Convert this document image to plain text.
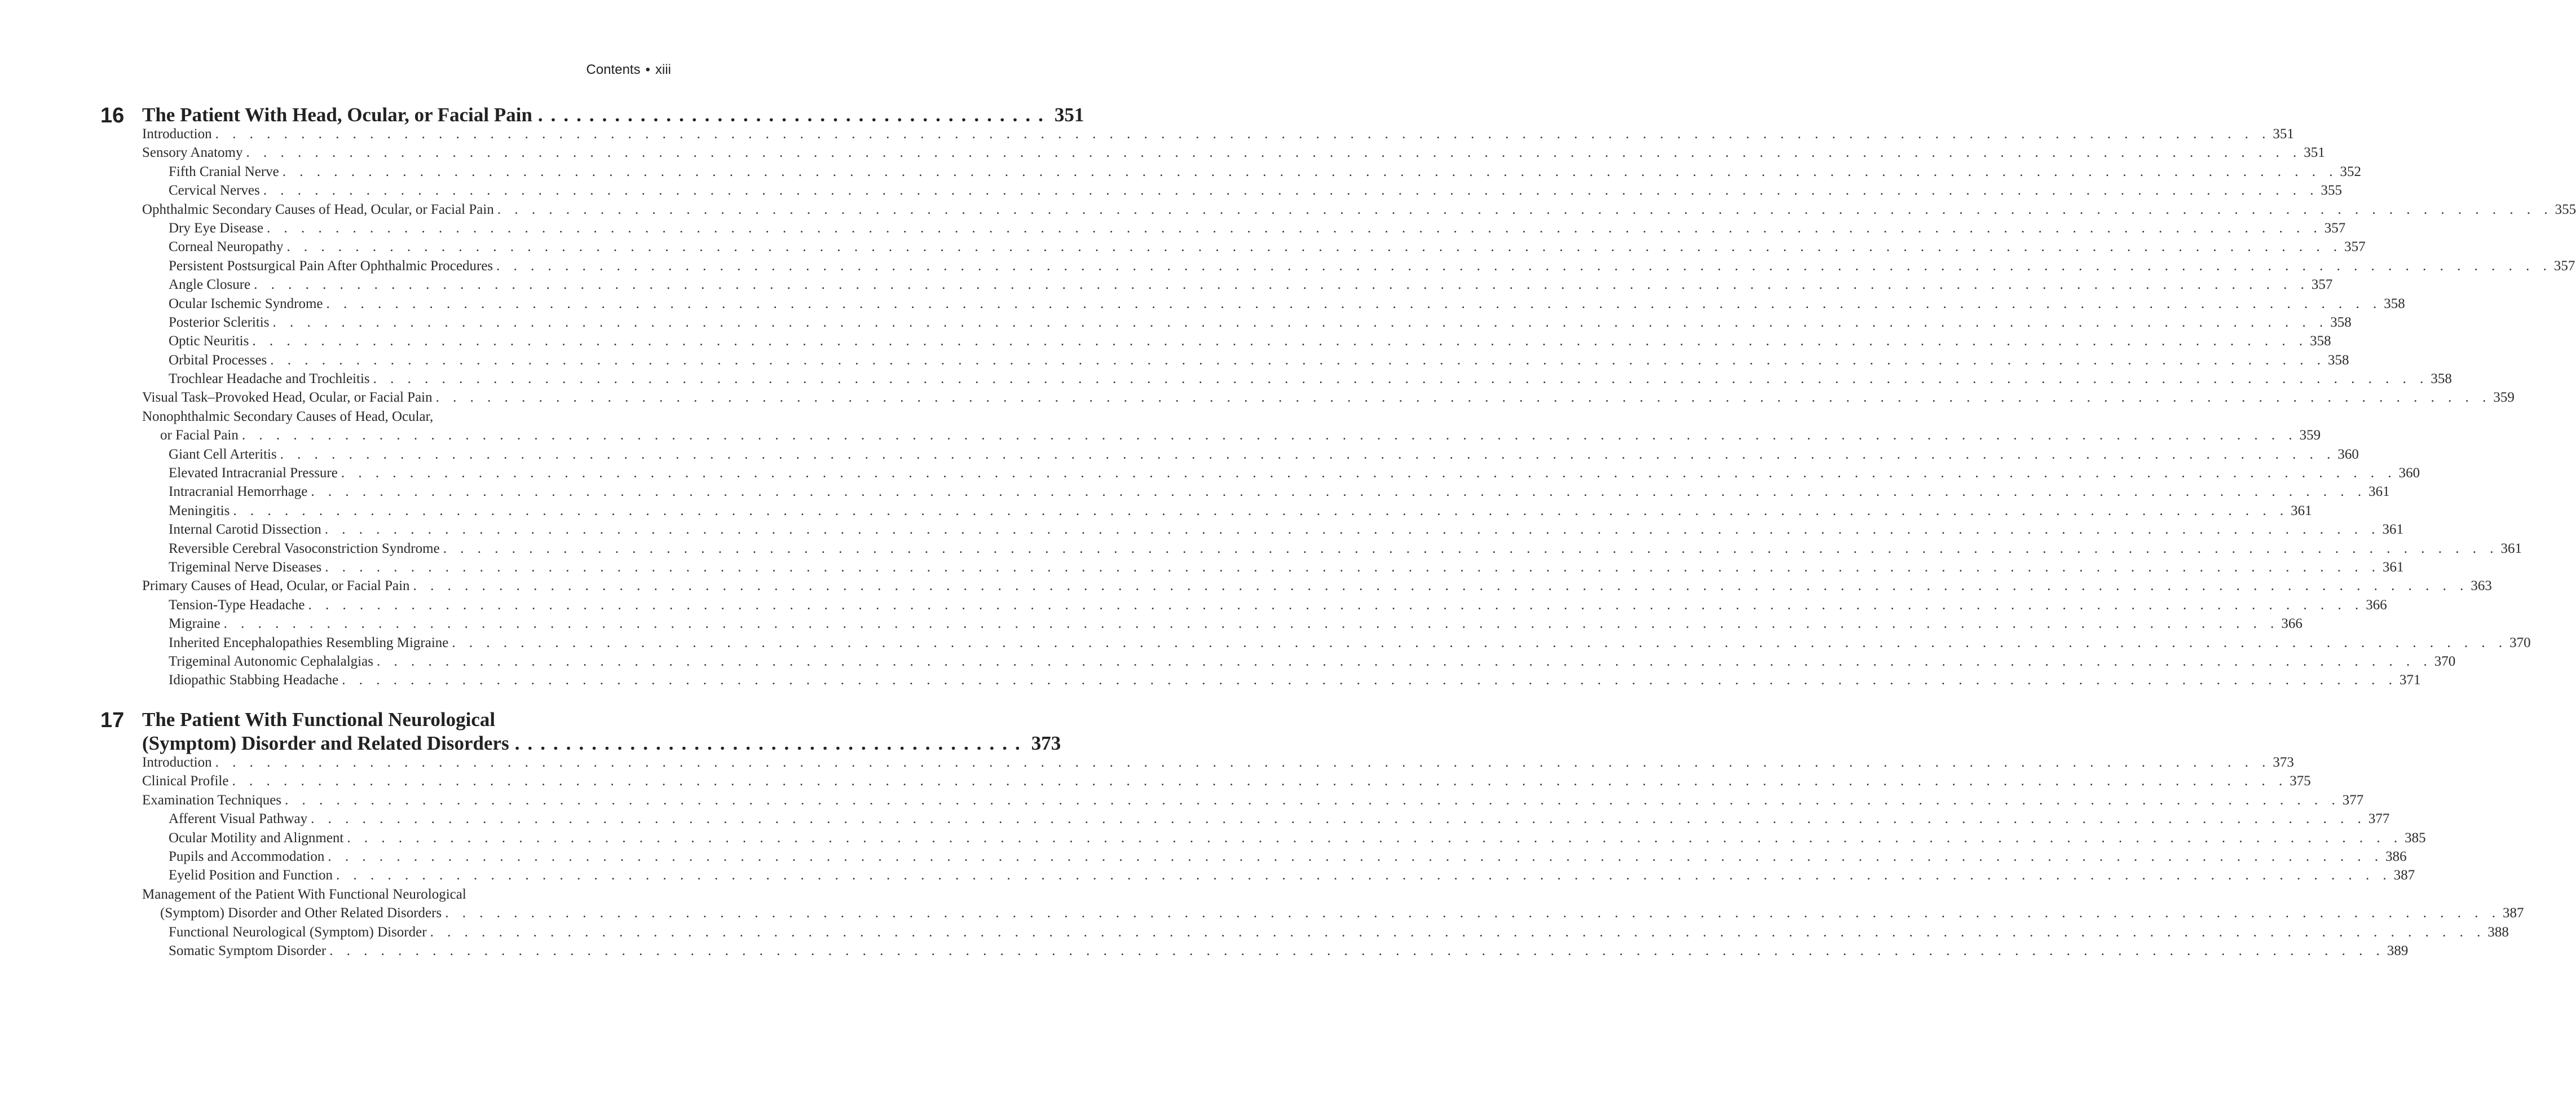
Contents • xiii
16 The Patient With Head, Ocular, or Facial Pain ........................................ 351
Introduction . . . . . . . . . . . . . . . . . . . . . . . . . . . . . . . . . . . . . . . . . . . . . . . . . . . . . . . . . . . . . . . . . . . . . . . . . . . . . . . . . . . . . . . . . . . . . . . . . . . . . . . . . . . . . . . . . . . . . . . . 351
Sensory Anatomy . . . . . . . . . . . . . . . . . . . . . . . . . . . . . . . . . . . . . . . . . . . . . . . . . . . . . . . . . . . . . . . . . . . . . . . . . . . . . . . . . . . . . . . . . . . . . . . . . . . . . . . . . . . . . . . . . . . . . . . . 351
Fifth Cranial Nerve . . . . . . . . . . . . . . . . . . . . . . . . . . . . . . . . . . . . . . . . . . . . . . . . . . . . . . . . . . . . . . . . . . . . . . . . . . . . . . . . . . . . . . . . . . . . . . . . . . . . . . . . . . . . . . . . . . . . . . . . 352
Cervical Nerves . . . . . . . . . . . . . . . . . . . . . . . . . . . . . . . . . . . . . . . . . . . . . . . . . . . . . . . . . . . . . . . . . . . . . . . . . . . . . . . . . . . . . . . . . . . . . . . . . . . . . . . . . . . . . . . . . . . . . . . . 355
Ophthalmic Secondary Causes of Head, Ocular, or Facial Pain . . . . . . . . . . . . . . . . . . . . . . . . . . . . . . . . . . . . . . . . . . . . . . . . . . . . . . . . . . . . . . . . . . . . . . . . . . . . . . . . . . . . . . . . . . . . . . . . . . . . . . . . . . . . . . . . . . . . . . . . 355
Dry Eye Disease . . . . . . . . . . . . . . . . . . . . . . . . . . . . . . . . . . . . . . . . . . . . . . . . . . . . . . . . . . . . . . . . . . . . . . . . . . . . . . . . . . . . . . . . . . . . . . . . . . . . . . . . . . . . . . . . . . . . . . . . 357
Corneal Neuropathy . . . . . . . . . . . . . . . . . . . . . . . . . . . . . . . . . . . . . . . . . . . . . . . . . . . . . . . . . . . . . . . . . . . . . . . . . . . . . . . . . . . . . . . . . . . . . . . . . . . . . . . . . . . . . . . . . . . . . . . . 357
Persistent Postsurgical Pain After Ophthalmic Procedures . . . . . . . . . . . . . . . . . . . . . . . . . . . . . . . . . . . . . . . . . . . . . . . . . . . . . . . . . . . . . . . . . . . . . . . . . . . . . . . . . . . . . . . . . . . . . . . . . . . . . . . . . . . . . . . . . . . . . . . . 357
Angle Closure . . . . . . . . . . . . . . . . . . . . . . . . . . . . . . . . . . . . . . . . . . . . . . . . . . . . . . . . . . . . . . . . . . . . . . . . . . . . . . . . . . . . . . . . . . . . . . . . . . . . . . . . . . . . . . . . . . . . . . . . 357
Ocular Ischemic Syndrome . . . . . . . . . . . . . . . . . . . . . . . . . . . . . . . . . . . . . . . . . . . . . . . . . . . . . . . . . . . . . . . . . . . . . . . . . . . . . . . . . . . . . . . . . . . . . . . . . . . . . . . . . . . . . . . . . . . . . . . . 358
Posterior Scleritis . . . . . . . . . . . . . . . . . . . . . . . . . . . . . . . . . . . . . . . . . . . . . . . . . . . . . . . . . . . . . . . . . . . . . . . . . . . . . . . . . . . . . . . . . . . . . . . . . . . . . . . . . . . . . . . . . . . . . . . . 358
Optic Neuritis . . . . . . . . . . . . . . . . . . . . . . . . . . . . . . . . . . . . . . . . . . . . . . . . . . . . . . . . . . . . . . . . . . . . . . . . . . . . . . . . . . . . . . . . . . . . . . . . . . . . . . . . . . . . . . . . . . . . . . . . 358
Orbital Processes . . . . . . . . . . . . . . . . . . . . . . . . . . . . . . . . . . . . . . . . . . . . . . . . . . . . . . . . . . . . . . . . . . . . . . . . . . . . . . . . . . . . . . . . . . . . . . . . . . . . . . . . . . . . . . . . . . . . . . . . 358
Trochlear Headache and Trochleitis . . . . . . . . . . . . . . . . . . . . . . . . . . . . . . . . . . . . . . . . . . . . . . . . . . . . . . . . . . . . . . . . . . . . . . . . . . . . . . . . . . . . . . . . . . . . . . . . . . . . . . . . . . . . . . . . . . . . . . . . 358
Visual Task–Provoked Head, Ocular, or Facial Pain . . . . . . . . . . . . . . . . . . . . . . . . . . . . . . . . . . . . . . . . . . . . . . . . . . . . . . . . . . . . . . . . . . . . . . . . . . . . . . . . . . . . . . . . . . . . . . . . . . . . . . . . . . . . . . . . . . . . . . . . 359
Nonophthalmic Secondary Causes of Head, Ocular,
or Facial Pain . . . . . . . . . . . . . . . . . . . . . . . . . . . . . . . . . . . . . . . . . . . . . . . . . . . . . . . . . . . . . . . . . . . . . . . . . . . . . . . . . . . . . . . . . . . . . . . . . . . . . . . . . . . . . . . . . . . . . . . . 359
Giant Cell Arteritis . . . . . . . . . . . . . . . . . . . . . . . . . . . . . . . . . . . . . . . . . . . . . . . . . . . . . . . . . . . . . . . . . . . . . . . . . . . . . . . . . . . . . . . . . . . . . . . . . . . . . . . . . . . . . . . . . . . . . . . . 360
Elevated Intracranial Pressure . . . . . . . . . . . . . . . . . . . . . . . . . . . . . . . . . . . . . . . . . . . . . . . . . . . . . . . . . . . . . . . . . . . . . . . . . . . . . . . . . . . . . . . . . . . . . . . . . . . . . . . . . . . . . . . . . . . . . . . . 360
Intracranial Hemorrhage . . . . . . . . . . . . . . . . . . . . . . . . . . . . . . . . . . . . . . . . . . . . . . . . . . . . . . . . . . . . . . . . . . . . . . . . . . . . . . . . . . . . . . . . . . . . . . . . . . . . . . . . . . . . . . . . . . . . . . . . 361
Meningitis . . . . . . . . . . . . . . . . . . . . . . . . . . . . . . . . . . . . . . . . . . . . . . . . . . . . . . . . . . . . . . . . . . . . . . . . . . . . . . . . . . . . . . . . . . . . . . . . . . . . . . . . . . . . . . . . . . . . . . . . 361
Internal Carotid Dissection . . . . . . . . . . . . . . . . . . . . . . . . . . . . . . . . . . . . . . . . . . . . . . . . . . . . . . . . . . . . . . . . . . . . . . . . . . . . . . . . . . . . . . . . . . . . . . . . . . . . . . . . . . . . . . . . . . . . . . . . 361
Reversible Cerebral Vasoconstriction Syndrome . . . . . . . . . . . . . . . . . . . . . . . . . . . . . . . . . . . . . . . . . . . . . . . . . . . . . . . . . . . . . . . . . . . . . . . . . . . . . . . . . . . . . . . . . . . . . . . . . . . . . . . . . . . . . . . . . . . . . . . . 361
Trigeminal Nerve Diseases . . . . . . . . . . . . . . . . . . . . . . . . . . . . . . . . . . . . . . . . . . . . . . . . . . . . . . . . . . . . . . . . . . . . . . . . . . . . . . . . . . . . . . . . . . . . . . . . . . . . . . . . . . . . . . . . . . . . . . . . 361
Primary Causes of Head, Ocular, or Facial Pain . . . . . . . . . . . . . . . . . . . . . . . . . . . . . . . . . . . . . . . . . . . . . . . . . . . . . . . . . . . . . . . . . . . . . . . . . . . . . . . . . . . . . . . . . . . . . . . . . . . . . . . . . . . . . . . . . . . . . . . . 363
Tension-Type Headache . . . . . . . . . . . . . . . . . . . . . . . . . . . . . . . . . . . . . . . . . . . . . . . . . . . . . . . . . . . . . . . . . . . . . . . . . . . . . . . . . . . . . . . . . . . . . . . . . . . . . . . . . . . . . . . . . . . . . . . . 366
Migraine . . . . . . . . . . . . . . . . . . . . . . . . . . . . . . . . . . . . . . . . . . . . . . . . . . . . . . . . . . . . . . . . . . . . . . . . . . . . . . . . . . . . . . . . . . . . . . . . . . . . . . . . . . . . . . . . . . . . . . . . 366
Inherited Encephalopathies Resembling Migraine . . . . . . . . . . . . . . . . . . . . . . . . . . . . . . . . . . . . . . . . . . . . . . . . . . . . . . . . . . . . . . . . . . . . . . . . . . . . . . . . . . . . . . . . . . . . . . . . . . . . . . . . . . . . . . . . . . . . . . . . 370
Trigeminal Autonomic Cephalalgias . . . . . . . . . . . . . . . . . . . . . . . . . . . . . . . . . . . . . . . . . . . . . . . . . . . . . . . . . . . . . . . . . . . . . . . . . . . . . . . . . . . . . . . . . . . . . . . . . . . . . . . . . . . . . . . . . . . . . . . . 370
Idiopathic Stabbing Headache . . . . . . . . . . . . . . . . . . . . . . . . . . . . . . . . . . . . . . . . . . . . . . . . . . . . . . . . . . . . . . . . . . . . . . . . . . . . . . . . . . . . . . . . . . . . . . . . . . . . . . . . . . . . . . . . . . . . . . . . 371
17 The Patient With Functional Neurological
(Symptom) Disorder and Related Disorders ........................................ 373
Introduction . . . . . . . . . . . . . . . . . . . . . . . . . . . . . . . . . . . . . . . . . . . . . . . . . . . . . . . . . . . . . . . . . . . . . . . . . . . . . . . . . . . . . . . . . . . . . . . . . . . . . . . . . . . . . . . . . . . . . . . . 373
Clinical Profile . . . . . . . . . . . . . . . . . . . . . . . . . . . . . . . . . . . . . . . . . . . . . . . . . . . . . . . . . . . . . . . . . . . . . . . . . . . . . . . . . . . . . . . . . . . . . . . . . . . . . . . . . . . . . . . . . . . . . . . . 375
Examination Techniques . . . . . . . . . . . . . . . . . . . . . . . . . . . . . . . . . . . . . . . . . . . . . . . . . . . . . . . . . . . . . . . . . . . . . . . . . . . . . . . . . . . . . . . . . . . . . . . . . . . . . . . . . . . . . . . . . . . . . . . . 377
Afferent Visual Pathway . . . . . . . . . . . . . . . . . . . . . . . . . . . . . . . . . . . . . . . . . . . . . . . . . . . . . . . . . . . . . . . . . . . . . . . . . . . . . . . . . . . . . . . . . . . . . . . . . . . . . . . . . . . . . . . . . . . . . . . . 377
Ocular Motility and Alignment . . . . . . . . . . . . . . . . . . . . . . . . . . . . . . . . . . . . . . . . . . . . . . . . . . . . . . . . . . . . . . . . . . . . . . . . . . . . . . . . . . . . . . . . . . . . . . . . . . . . . . . . . . . . . . . . . . . . . . . . 385
Pupils and Accommodation . . . . . . . . . . . . . . . . . . . . . . . . . . . . . . . . . . . . . . . . . . . . . . . . . . . . . . . . . . . . . . . . . . . . . . . . . . . . . . . . . . . . . . . . . . . . . . . . . . . . . . . . . . . . . . . . . . . . . . . . 386
Eyelid Position and Function . . . . . . . . . . . . . . . . . . . . . . . . . . . . . . . . . . . . . . . . . . . . . . . . . . . . . . . . . . . . . . . . . . . . . . . . . . . . . . . . . . . . . . . . . . . . . . . . . . . . . . . . . . . . . . . . . . . . . . . . 387
Management of the Patient With Functional Neurological
(Symptom) Disorder and Other Related Disorders . . . . . . . . . . . . . . . . . . . . . . . . . . . . . . . . . . . . . . . . . . . . . . . . . . . . . . . . . . . . . . . . . . . . . . . . . . . . . . . . . . . . . . . . . . . . . . . . . . . . . . . . . . . . . . . . . . . . . . . . 387
Functional Neurological (Symptom) Disorder . . . . . . . . . . . . . . . . . . . . . . . . . . . . . . . . . . . . . . . . . . . . . . . . . . . . . . . . . . . . . . . . . . . . . . . . . . . . . . . . . . . . . . . . . . . . . . . . . . . . . . . . . . . . . . . . . . . . . . . . 388
Somatic Symptom Disorder . . . . . . . . . . . . . . . . . . . . . . . . . . . . . . . . . . . . . . . . . . . . . . . . . . . . . . . . . . . . . . . . . . . . . . . . . . . . . . . . . . . . . . . . . . . . . . . . . . . . . . . . . . . . . . . . . . . . . . . . 389
